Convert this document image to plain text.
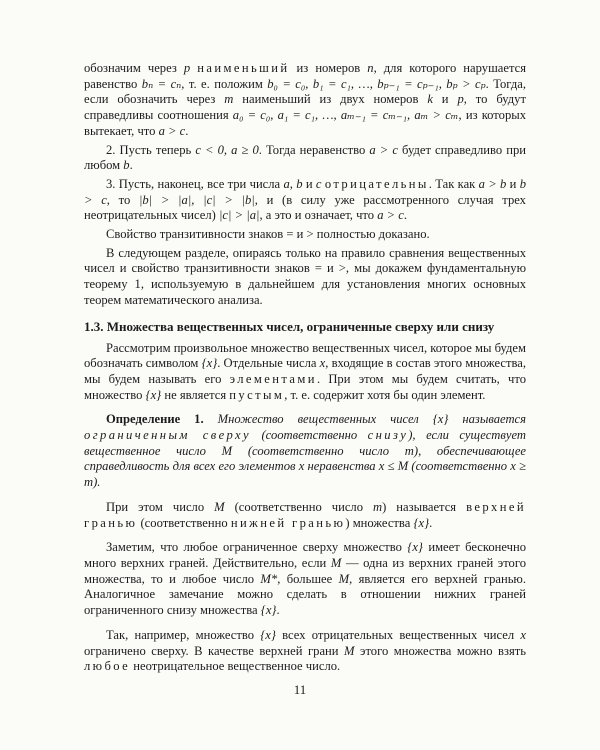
обозначим через p наименьший из номеров n, для которого нарушается равенство bₙ = cₙ, т. е. положим b₀ = c₀, b₁ = c₁, …, bₚ₋₁ = cₚ₋₁, bₚ > cₚ. Тогда, если обозначить через m наименьший из двух номеров k и p, то будут справедливы соотношения a₀ = c₀, a₁ = c₁, …, aₘ₋₁ = cₘ₋₁, aₘ > cₘ, из которых вытекает, что a > c.

2. Пусть теперь c < 0, a ≥ 0. Тогда неравенство a > c будет справедливо при любом b.

3. Пусть, наконец, все три числа a, b и c отрицательны. Так как a > b и b > c, то |b| > |a|, |c| > |b|, и (в силу уже рассмотренного случая трех неотрицательных чисел) |c| > |a|, а это и означает, что a > c.

Свойство транзитивности знаков = и > полностью доказано.

В следующем разделе, опираясь только на правило сравнения вещественных чисел и свойство транзитивности знаков = и >, мы докажем фундаментальную теорему 1, используемую в дальнейшем для установления многих основных теорем математического анализа.

1.3. Множества вещественных чисел, ограниченные сверху или снизу

Рассмотрим произвольное множество вещественных чисел, которое мы будем обозначать символом {x}. Отдельные числа x, входящие в состав этого множества, мы будем называть его элементами. При этом мы будем считать, что множество {x} не является пустым, т. е. содержит хотя бы один элемент.

Определение 1. Множество вещественных чисел {x} называется ограниченным сверху (соответственно снизу), если существует вещественное число M (соответственно число m), обеспечивающее справедливость для всех его элементов x неравенства x ≤ M (соответственно x ≥ m).

При этом число M (соответственно число m) называется верхней гранью (соответственно нижней гранью) множества {x}.

Заметим, что любое ограниченное сверху множество {x} имеет бесконечно много верхних граней. Действительно, если M — одна из верхних граней этого множества, то и любое число M*, большее M, является его верхней гранью. Аналогичное замечание можно сделать в отношении нижних граней ограниченного снизу множества {x}.

Так, например, множество {x} всех отрицательных вещественных чисел x ограничено сверху. В качестве верхней грани M этого множества можно взять любое неотрицательное вещественное число.

11
